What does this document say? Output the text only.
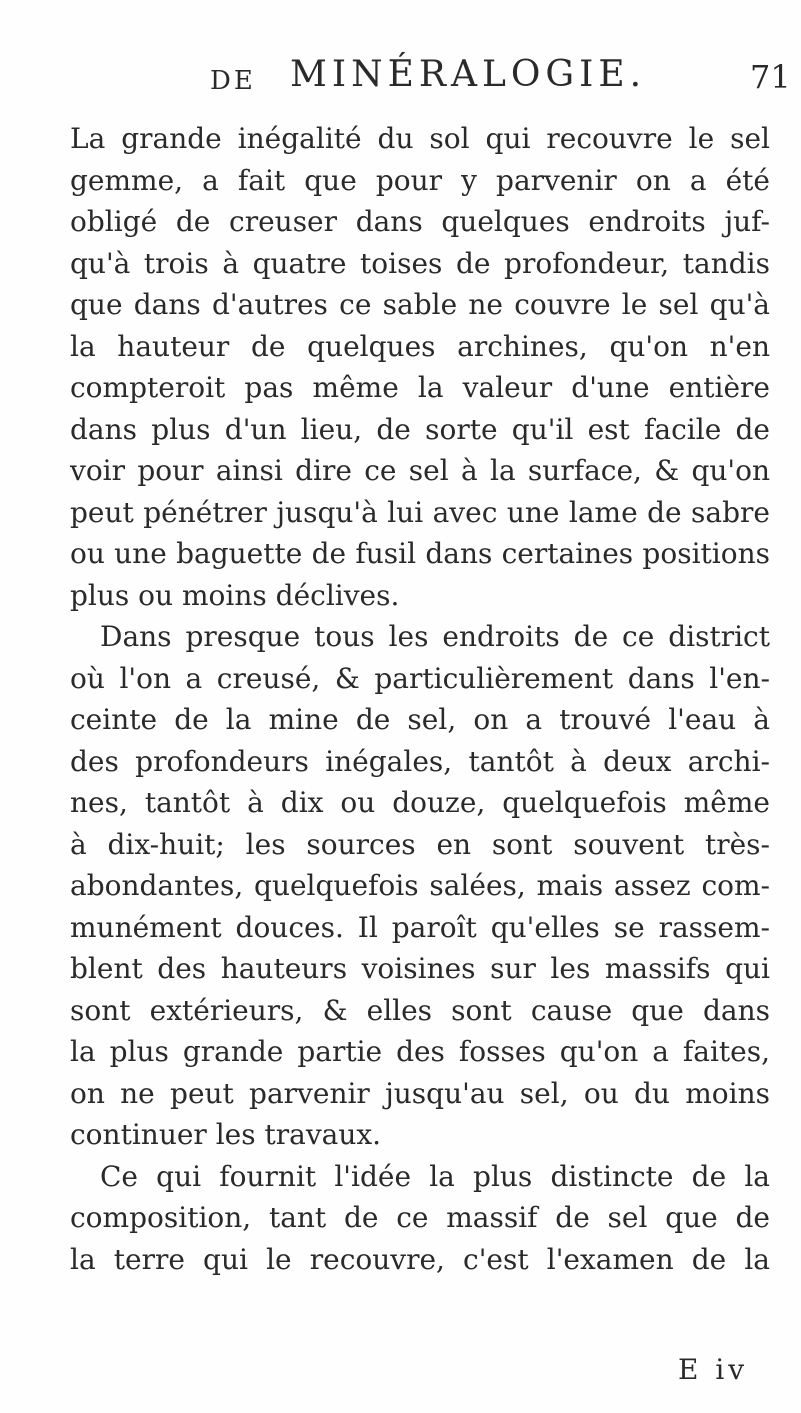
DE MINÉRALOGIE.	71
La grande inégalité du sol qui recouvre le sel
gemme, a fait que pour y parvenir on a été
obligé de creuser dans quelques endroits juf-
qu'à trois à quatre toises de profondeur, tandis
que dans d'autres ce sable ne couvre le sel qu'à
la hauteur de quelques archines, qu'on n'en
compteroit pas même la valeur d'une entière
dans plus d'un lieu, de sorte qu'il est facile de
voir pour ainsi dire ce sel à la surface, & qu'on
peut pénétrer jusqu'à lui avec une lame de sabre
ou une baguette de fusil dans certaines positions
plus ou moins déclives.
Dans presque tous les endroits de ce district
où l'on a creusé, & particulièrement dans l'en-
ceinte de la mine de sel, on a trouvé l'eau à
des profondeurs inégales, tantôt à deux archi-
nes, tantôt à dix ou douze, quelquefois même
à dix-huit; les sources en sont souvent très-
abondantes, quelquefois salées, mais assez com-
munément douces. Il paroît qu'elles se rassem-
blent des hauteurs voisines sur les massifs qui
sont extérieurs, & elles sont cause que dans
la plus grande partie des fosses qu'on a faites,
on ne peut parvenir jusqu'au sel, ou du moins
continuer les travaux.
Ce qui fournit l'idée la plus distincte de la
composition, tant de ce massif de sel que de
la terre qui le recouvre, c'est l'examen de la
E iv
